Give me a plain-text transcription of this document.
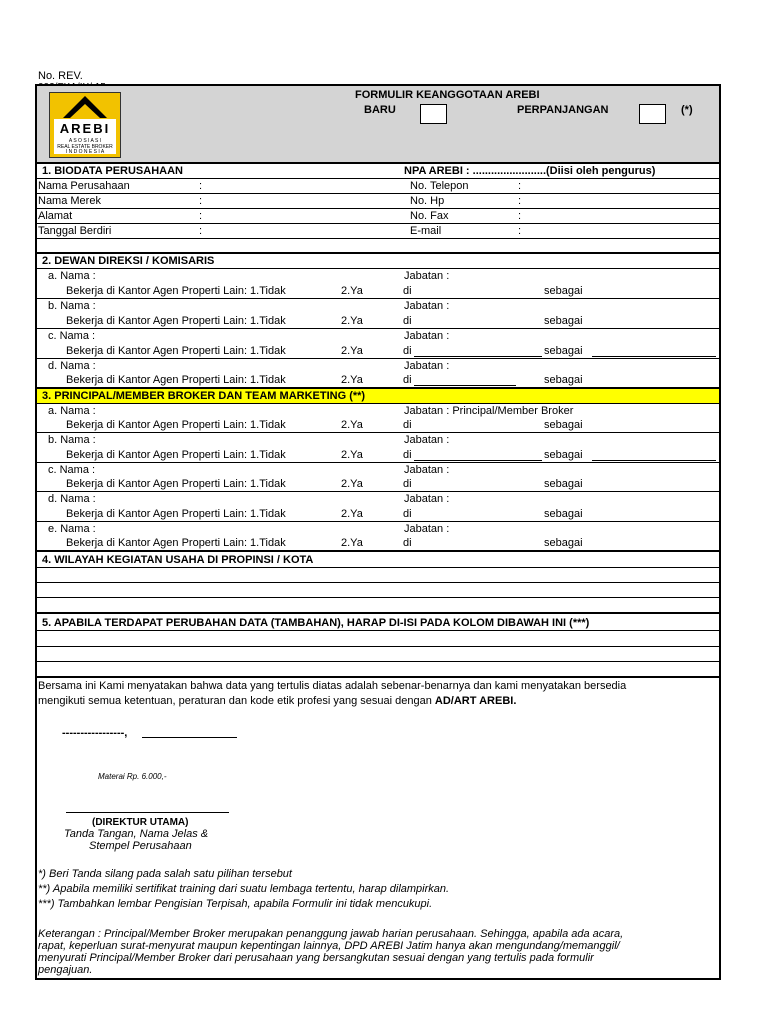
No. REV.
AREBI
A S O S I A S I
REAL ESTATE BROKER
I N D O N E S I A
FORMULIR KEANGGOTAAN AREBI
BARU	PERPANJANGAN	(*)
1. BIODATA PERUSAHAAN	NPA AREBI : ........................(Diisi oleh pengurus)
Nama Perusahaan	:	No. Telepon	:
Nama Merek	:	No. Hp	:
Alamat	:	No. Fax	:
Tanggal Berdiri	:	E-mail	:
2. DEWAN DIREKSI / KOMISARIS
a. Nama :	Jabatan :
Bekerja di Kantor Agen Properti Lain: 1.Tidak	2.Ya	di	sebagai
b. Nama :	Jabatan :
Bekerja di Kantor Agen Properti Lain: 1.Tidak	2.Ya	di	sebagai
c. Nama :	Jabatan :
Bekerja di Kantor Agen Properti Lain: 1.Tidak	2.Ya	di	sebagai
d. Nama :	Jabatan :
Bekerja di Kantor Agen Properti Lain: 1.Tidak	2.Ya	di	sebagai
3. PRINCIPAL/MEMBER BROKER DAN TEAM MARKETING (**)
a. Nama :	Jabatan : Principal/Member Broker
Bekerja di Kantor Agen Properti Lain: 1.Tidak	2.Ya	di	sebagai
b. Nama :	Jabatan :
Bekerja di Kantor Agen Properti Lain: 1.Tidak	2.Ya	di	sebagai
c. Nama :	Jabatan :
Bekerja di Kantor Agen Properti Lain: 1.Tidak	2.Ya	di	sebagai
d. Nama :	Jabatan :
Bekerja di Kantor Agen Properti Lain: 1.Tidak	2.Ya	di	sebagai
e. Nama :	Jabatan :
Bekerja di Kantor Agen Properti Lain: 1.Tidak	2.Ya	di	sebagai
4. WILAYAH KEGIATAN USAHA DI PROPINSI / KOTA
5. APABILA TERDAPAT PERUBAHAN DATA (TAMBAHAN), HARAP DI-ISI PADA KOLOM DIBAWAH INI (***)
Bersama ini Kami menyatakan bahwa data yang tertulis diatas adalah sebenar-benarnya dan kami menyatakan bersedia
mengikuti semua ketentuan, peraturan dan kode etik profesi yang sesuai dengan AD/ART AREBI.
-----------------,
Materai Rp. 6.000,-
(DIREKTUR UTAMA)
Tanda Tangan, Nama Jelas &
Stempel Perusahaan
*) Beri Tanda silang pada salah satu pilihan tersebut
**) Apabila memiliki sertifikat training dari suatu lembaga tertentu, harap dilampirkan.
***) Tambahkan lembar Pengisian Terpisah, apabila Formulir ini tidak mencukupi.
Keterangan : Principal/Member Broker merupakan penanggung jawab harian perusahaan. Sehingga, apabila ada acara,
rapat, keperluan surat-menyurat maupun kepentingan lainnya, DPD AREBI Jatim hanya akan mengundang/memanggil/
menyurati Principal/Member Broker dari perusahaan yang bersangkutan sesuai dengan yang tertulis pada formulir
pengajuan.
